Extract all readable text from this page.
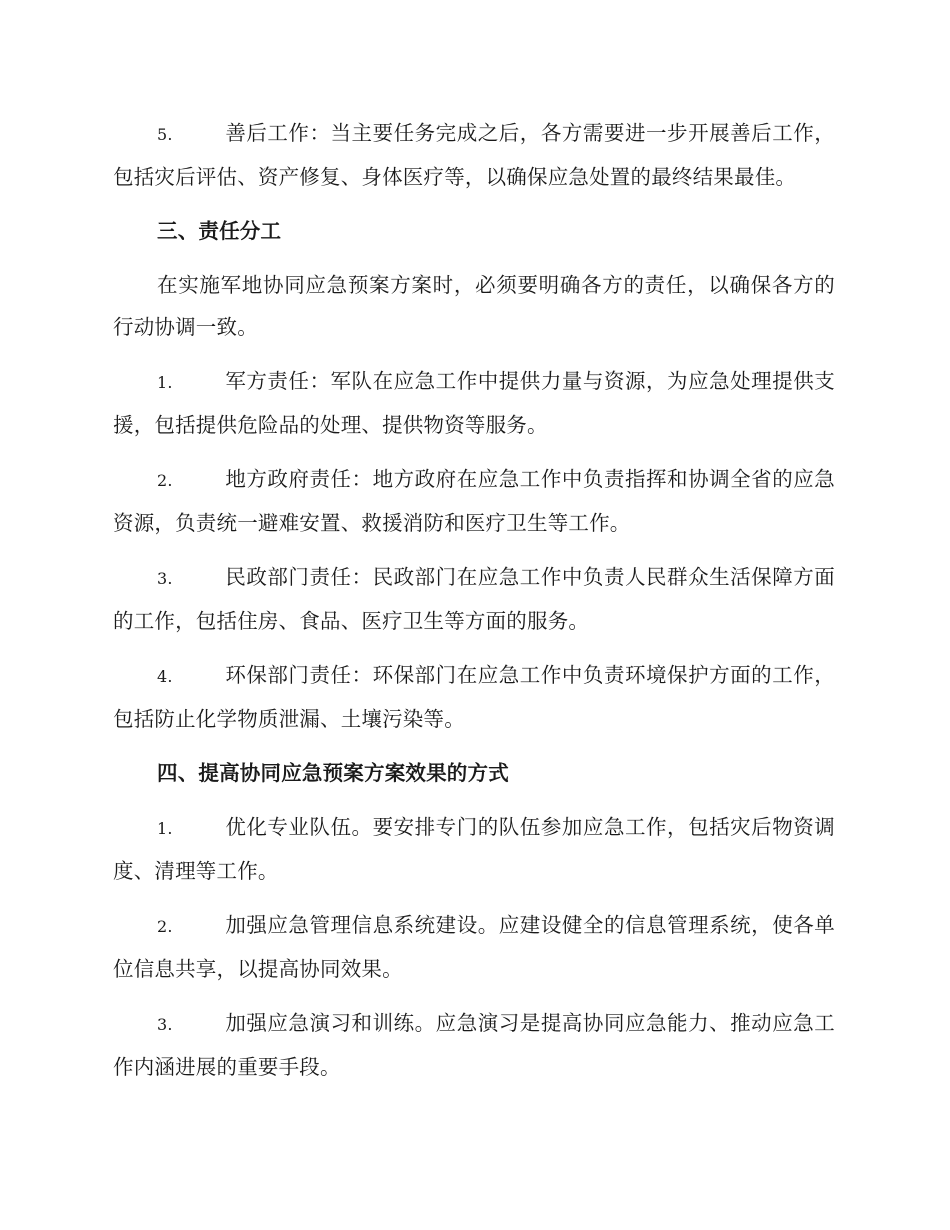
5.	善后工作：当主要任务完成之后，各方需要进一步开展善后工作，包括灾后评估、资产修复、身体医疗等，以确保应急处置的最终结果最佳。

三、责任分工

在实施军地协同应急预案方案时，必须要明确各方的责任，以确保各方的行动协调一致。

1.	军方责任：军队在应急工作中提供力量与资源，为应急处理提供支援，包括提供危险品的处理、提供物资等服务。

2.	地方政府责任：地方政府在应急工作中负责指挥和协调全省的应急资源，负责统一避难安置、救援消防和医疗卫生等工作。

3.	民政部门责任：民政部门在应急工作中负责人民群众生活保障方面的工作，包括住房、食品、医疗卫生等方面的服务。

4.	环保部门责任：环保部门在应急工作中负责环境保护方面的工作，包括防止化学物质泄漏、土壤污染等。

四、提高协同应急预案方案效果的方式

1.	优化专业队伍。要安排专门的队伍参加应急工作，包括灾后物资调度、清理等工作。

2.	加强应急管理信息系统建设。应建设健全的信息管理系统，使各单位信息共享，以提高协同效果。

3.	加强应急演习和训练。应急演习是提高协同应急能力、推动应急工作内涵进展的重要手段。
